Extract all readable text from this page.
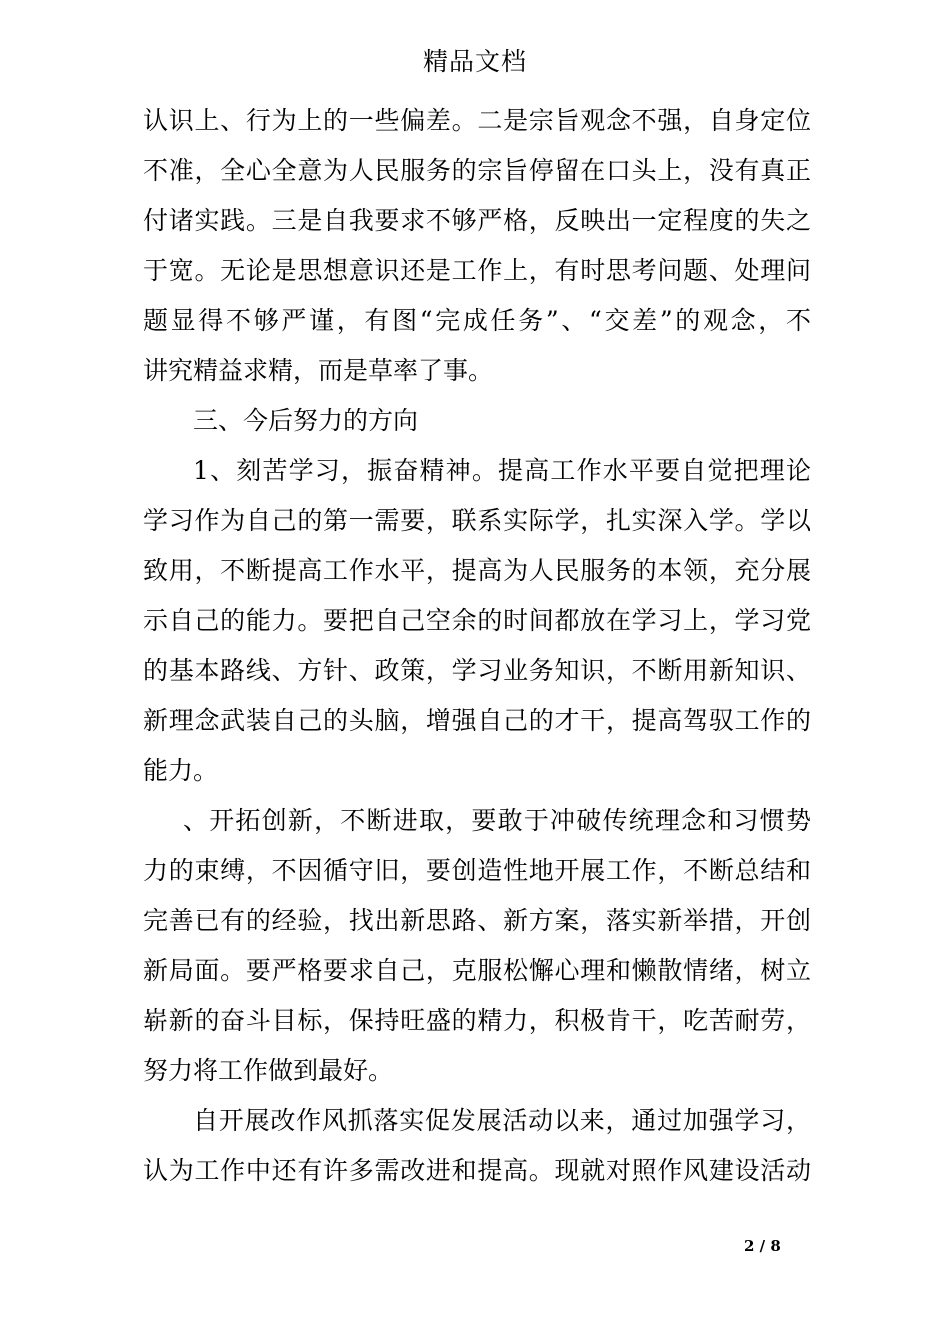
精品文档
认识上、行为上的一些偏差。二是宗旨观念不强，自身定位
不准，全心全意为人民服务的宗旨停留在口头上，没有真正
付诸实践。三是自我要求不够严格，反映出一定程度的失之
于宽。无论是思想意识还是工作上，有时思考问题、处理问
题显得不够严谨，有图“完成任务”、“交差”的观念，不
讲究精益求精，而是草率了事。
三、今后努力的方向
1、刻苦学习，振奋精神。提高工作水平要自觉把理论
学习作为自己的第一需要，联系实际学，扎实深入学。学以
致用，不断提高工作水平，提高为人民服务的本领，充分展
示自己的能力。要把自己空余的时间都放在学习上，学习党
的基本路线、方针、政策，学习业务知识，不断用新知识、
新理念武装自己的头脑，增强自己的才干，提高驾驭工作的
能力。
、开拓创新，不断进取，要敢于冲破传统理念和习惯势
力的束缚，不因循守旧，要创造性地开展工作，不断总结和
完善已有的经验，找出新思路、新方案，落实新举措，开创
新局面。要严格要求自己，克服松懈心理和懒散情绪，树立
崭新的奋斗目标，保持旺盛的精力，积极肯干，吃苦耐劳，
努力将工作做到最好。
自开展改作风抓落实促发展活动以来，通过加强学习，
认为工作中还有许多需改进和提高。现就对照作风建设活动
2 / 8
